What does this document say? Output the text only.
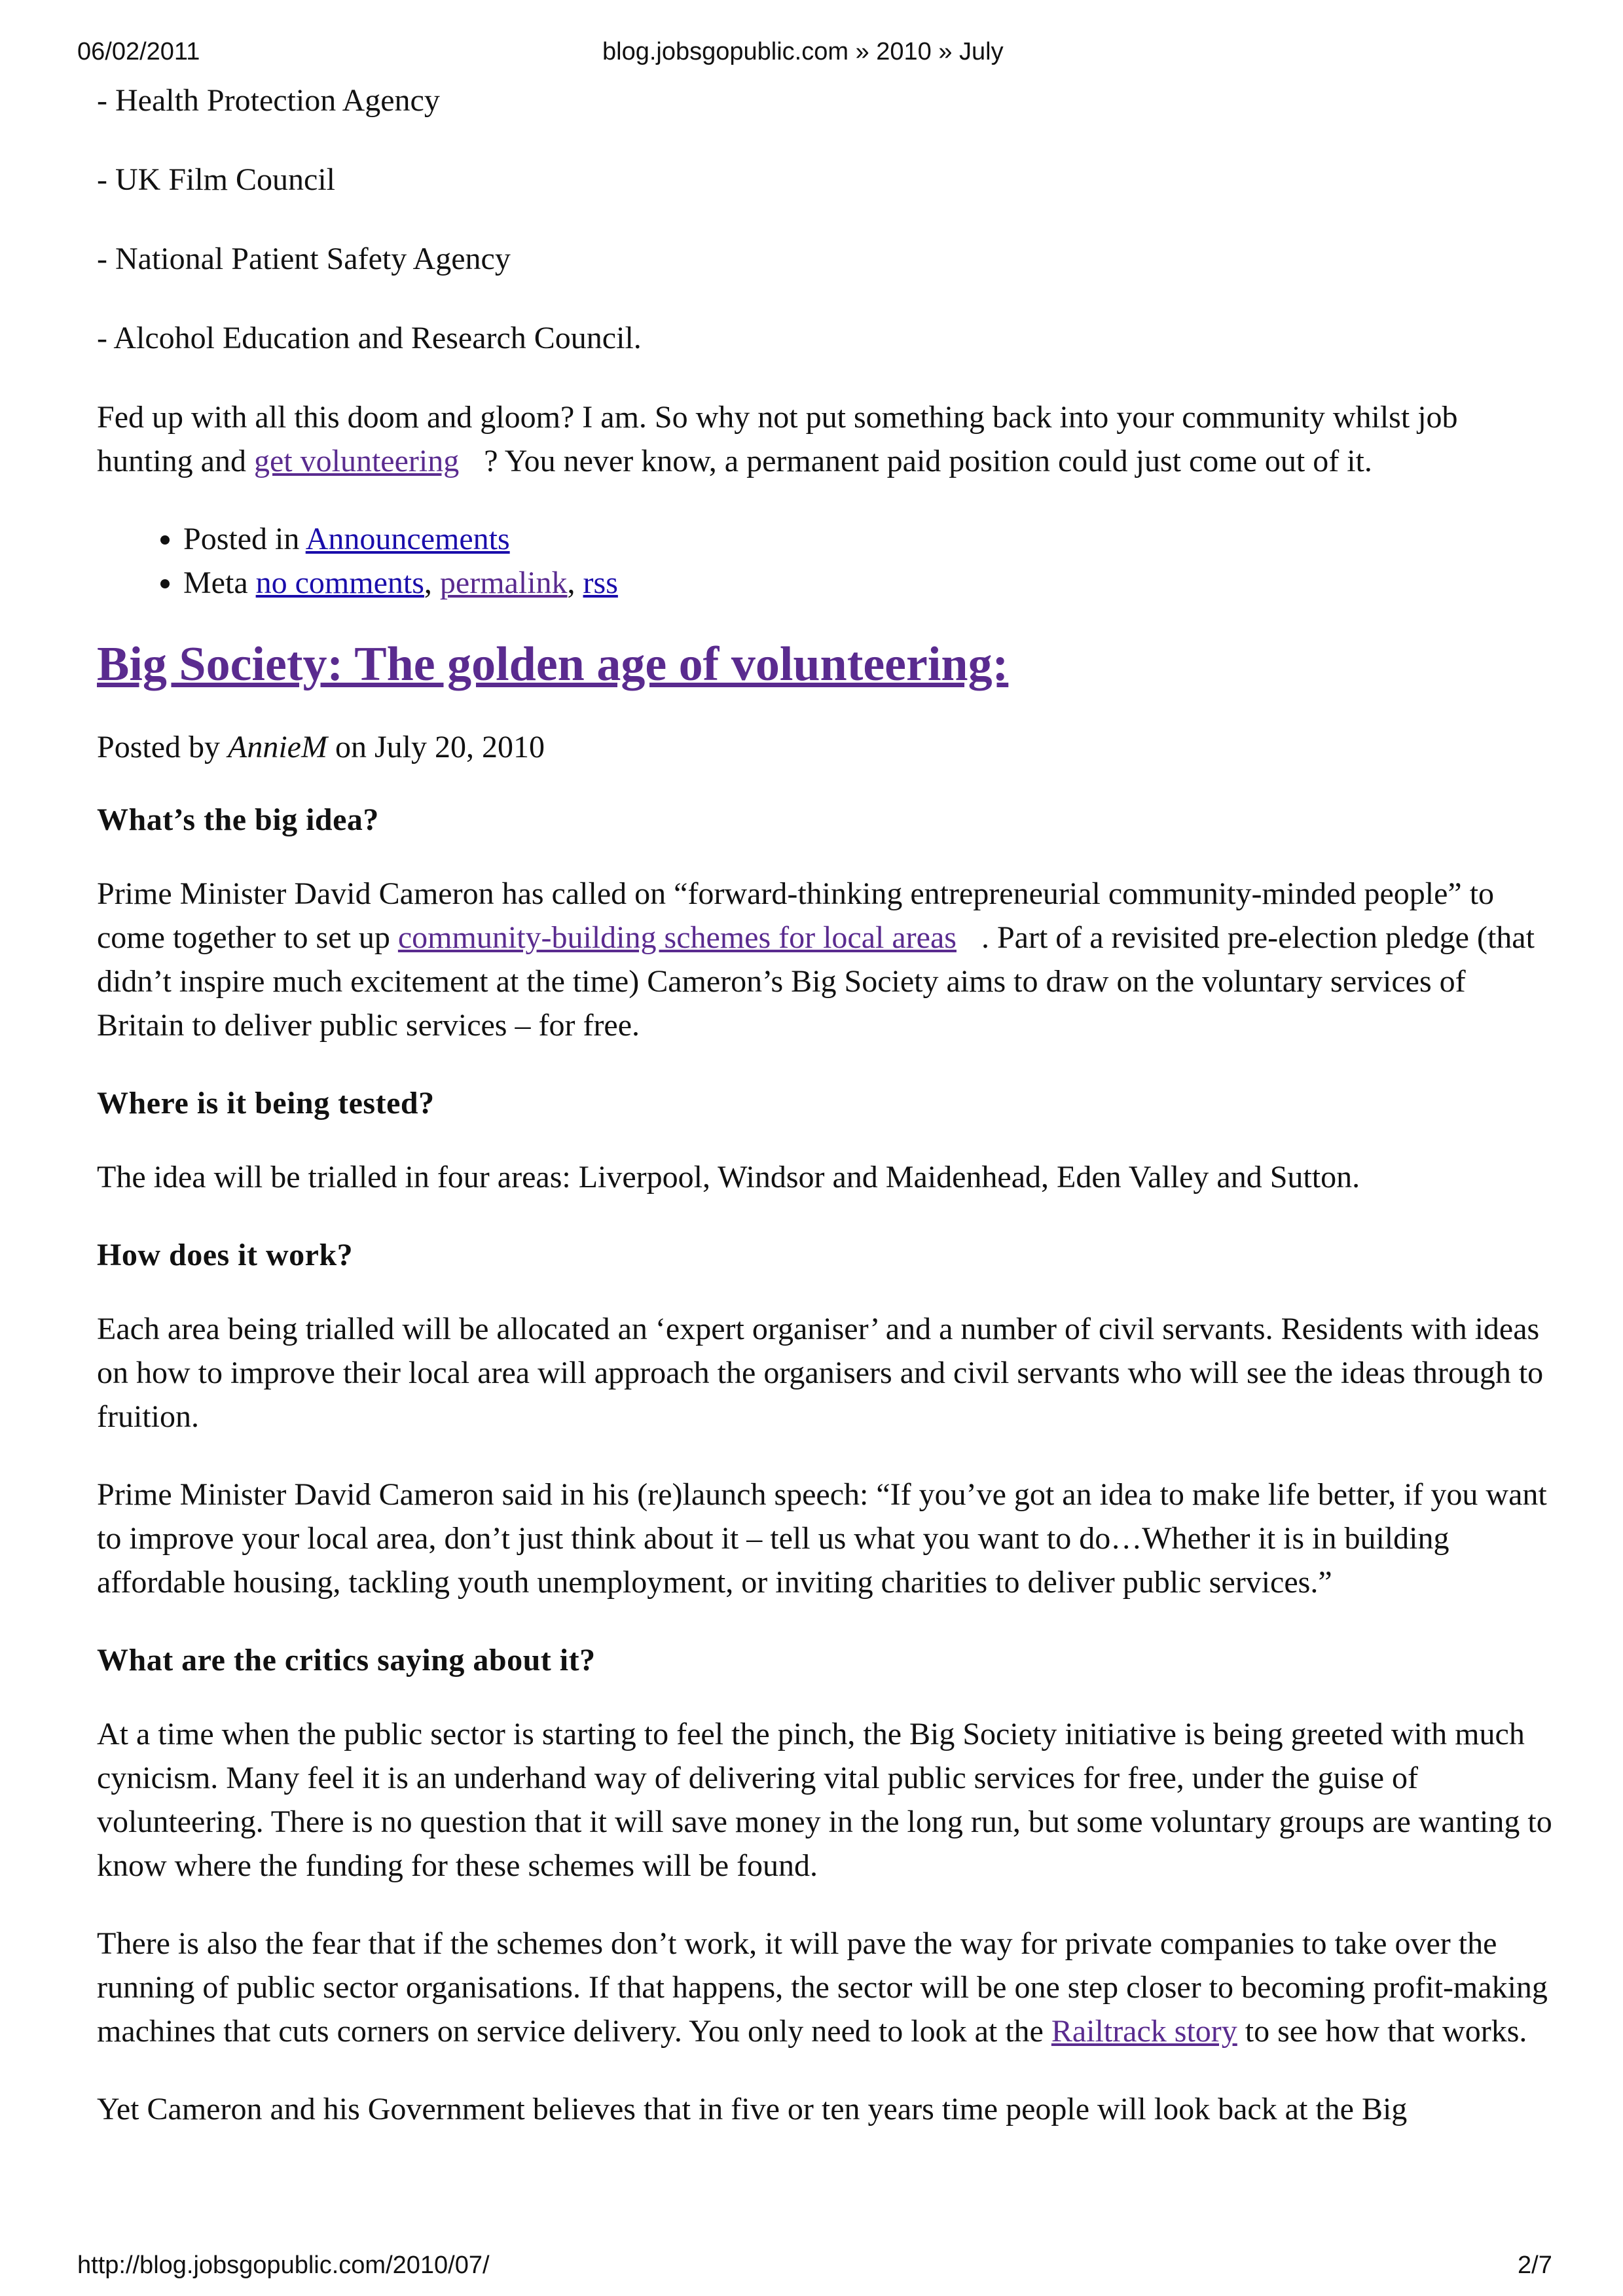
06/02/2011	blog.jobsgopublic.com » 2010 » July

- Health Protection Agency

- UK Film Council

- National Patient Safety Agency

- Alcohol Education and Research Council.

Fed up with all this doom and gloom? I am. So why not put something back into your community whilst job hunting and get volunteering ? You never know, a permanent paid position could just come out of it.

• Posted in Announcements
• Meta no comments, permalink, rss
Big Society: The golden age of volunteering:

Posted by AnnieM on July 20, 2010

What’s the big idea?

Prime Minister David Cameron has called on “forward-thinking entrepreneurial community-minded people” to come together to set up community-building schemes for local areas . Part of a revisited pre-election pledge (that didn’t inspire much excitement at the time) Cameron’s Big Society aims to draw on the voluntary services of Britain to deliver public services – for free.

Where is it being tested?

The idea will be trialled in four areas: Liverpool, Windsor and Maidenhead, Eden Valley and Sutton.

How does it work?

Each area being trialled will be allocated an ‘expert organiser’ and a number of civil servants. Residents with ideas on how to improve their local area will approach the organisers and civil servants who will see the ideas through to fruition.

Prime Minister David Cameron said in his (re)launch speech: “If you’ve got an idea to make life better, if you want to improve your local area, don’t just think about it – tell us what you want to do…Whether it is in building affordable housing, tackling youth unemployment, or inviting charities to deliver public services.”

What are the critics saying about it?

At a time when the public sector is starting to feel the pinch, the Big Society initiative is being greeted with much cynicism. Many feel it is an underhand way of delivering vital public services for free, under the guise of volunteering. There is no question that it will save money in the long run, but some voluntary groups are wanting to know where the funding for these schemes will be found.

There is also the fear that if the schemes don’t work, it will pave the way for private companies to take over the running of public sector organisations. If that happens, the sector will be one step closer to becoming profit-making machines that cuts corners on service delivery. You only need to look at the Railtrack story to see how that works.

Yet Cameron and his Government believes that in five or ten years time people will look back at the Big

http://blog.jobsgopublic.com/2010/07/	2/7
